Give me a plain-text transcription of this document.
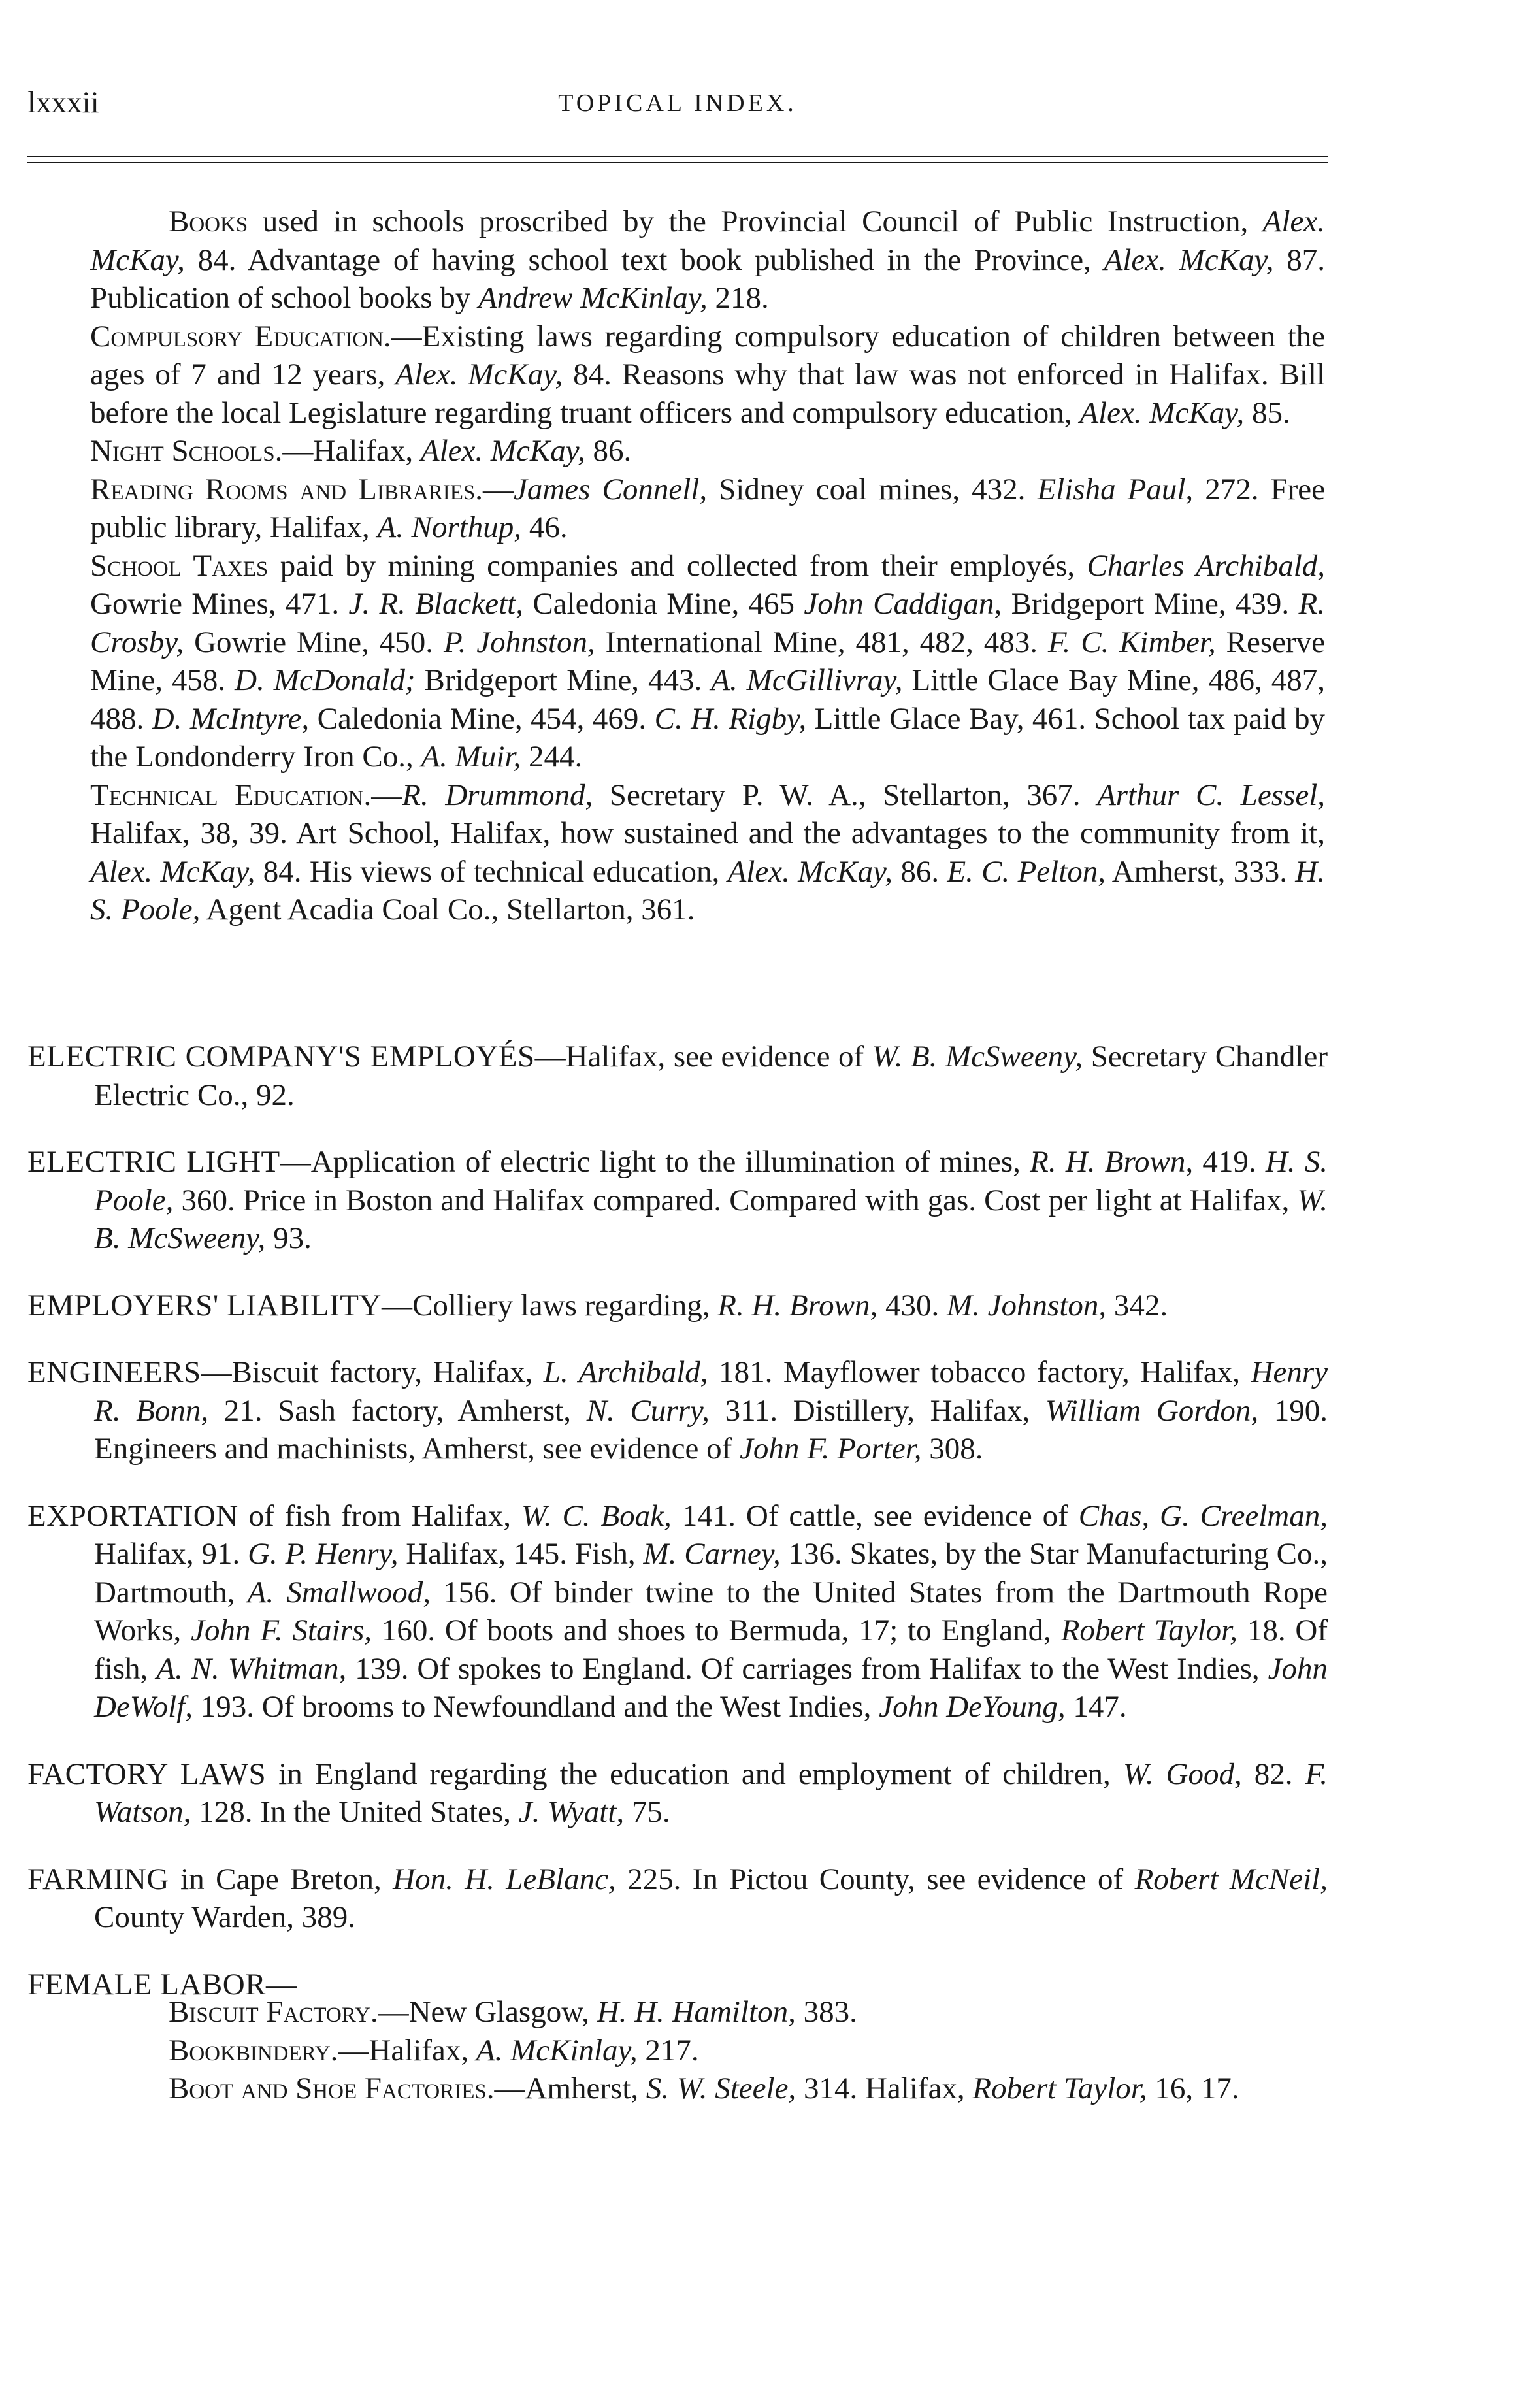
lxxxii	TOPICAL INDEX.
Books used in schools proscribed by the Provincial Council of Public Instruction, Alex. McKay, 84. Advantage of having school text book published in the Province, Alex. McKay, 87. Publication of school books by Andrew McKinlay, 218.
Compulsory Education.—Existing laws regarding compulsory education of children between the ages of 7 and 12 years, Alex. McKay, 84. Reasons why that law was not enforced in Halifax. Bill before the local Legislature regarding truant officers and compulsory education, Alex. McKay, 85.
Night Schools.—Halifax, Alex. McKay, 86.
Reading Rooms and Libraries.—James Connell, Sidney coal mines, 432. Elisha Paul, 272. Free public library, Halifax, A. Northup, 46.
School Taxes paid by mining companies and collected from their employés, Charles Archibald, Gowrie Mines, 471. J. R. Blackett, Caledonia Mine, 465 John Caddigan, Bridgeport Mine, 439. R. Crosby, Gowrie Mine, 450. P. Johnston, International Mine, 481, 482, 483. F. C. Kimber, Reserve Mine, 458. D. McDonald; Bridgeport Mine, 443. A. McGillivray, Little Glace Bay Mine, 486, 487, 488. D. McIntyre, Caledonia Mine, 454, 469. C. H. Rigby, Little Glace Bay, 461. School tax paid by the Londonderry Iron Co., A. Muir, 244.
Technical Education.—R. Drummond, Secretary P. W. A., Stellarton, 367. Arthur C. Lessel, Halifax, 38, 39. Art School, Halifax, how sustained and the advantages to the community from it, Alex. McKay, 84. His views of technical education, Alex. McKay, 86. E. C. Pelton, Amherst, 333. H. S. Poole, Agent Acadia Coal Co., Stellarton, 361.

ELECTRIC COMPANY'S EMPLOYÉS—Halifax, see evidence of W. B. McSweeny, Secretary Chandler Electric Co., 92.

ELECTRIC LIGHT—Application of electric light to the illumination of mines, R. H. Brown, 419. H. S. Poole, 360. Price in Boston and Halifax compared. Compared with gas. Cost per light at Halifax, W. B. McSweeny, 93.

EMPLOYERS' LIABILITY—Colliery laws regarding, R. H. Brown, 430. M. Johnston, 342.

ENGINEERS—Biscuit factory, Halifax, L. Archibald, 181. Mayflower tobacco factory, Halifax, Henry R. Bonn, 21. Sash factory, Amherst, N. Curry, 311. Distillery, Halifax, William Gordon, 190. Engineers and machinists, Amherst, see evidence of John F. Porter, 308.

EXPORTATION of fish from Halifax, W. C. Boak, 141. Of cattle, see evidence of Chas, G. Creelman, Halifax, 91. G. P. Henry, Halifax, 145. Fish, M. Carney, 136. Skates, by the Star Manufacturing Co., Dartmouth, A. Smallwood, 156. Of binder twine to the United States from the Dartmouth Rope Works, John F. Stairs, 160. Of boots and shoes to Bermuda, 17; to England, Robert Taylor, 18. Of fish, A. N. Whitman, 139. Of spokes to England. Of carriages from Halifax to the West Indies, John DeWolf, 193. Of brooms to Newfoundland and the West Indies, John DeYoung, 147.

FACTORY LAWS in England regarding the education and employment of children, W. Good, 82. F. Watson, 128. In the United States, J. Wyatt, 75.

FARMING in Cape Breton, Hon. H. LeBlanc, 225. In Pictou County, see evidence of Robert McNeil, County Warden, 389.

FEMALE LABOR—

Biscuit Factory.—New Glasgow, H. H. Hamilton, 383.

Bookbindery.—Halifax, A. McKinlay, 217.

Boot and Shoe Factories.—Amherst, S. W. Steele, 314. Halifax, Robert Taylor, 16, 17.
